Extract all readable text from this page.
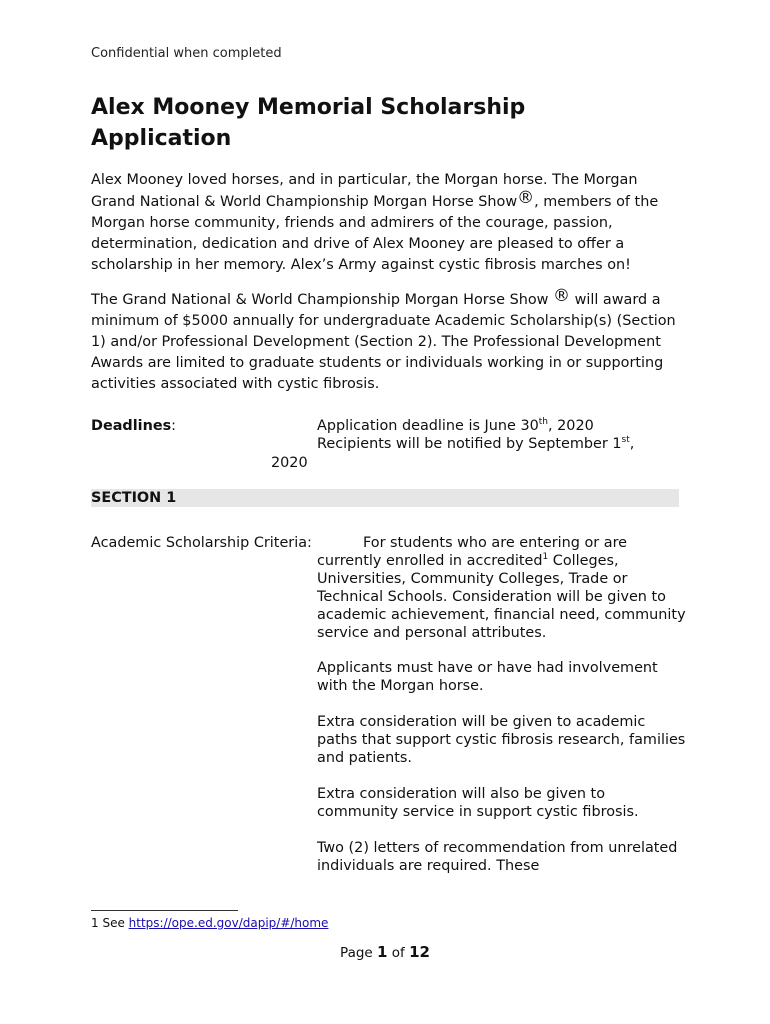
Confidential when completed
Alex Mooney Memorial Scholarship Application

Alex Mooney loved horses, and in particular, the Morgan horse. The Morgan Grand National & World Championship Morgan Horse Show®, members of the Morgan horse community, friends and admirers of the courage, passion, determination, dedication and drive of Alex Mooney are pleased to offer a scholarship in her memory. Alex’s Army against cystic fibrosis marches on!

The Grand National & World Championship Morgan Horse Show ® will award a minimum of $5000 annually for undergraduate Academic Scholarship(s) (Section 1) and/or Professional Development (Section 2). The Professional Development Awards are limited to graduate students or individuals working in or supporting activities associated with cystic fibrosis.

Deadlines:	Application deadline is June 30th, 2020
Recipients will be notified by September 1st,
2020
SECTION 1
Academic Scholarship Criteria:	For students who are entering or are currently enrolled in accredited$^1$ Colleges, Universities, Community Colleges, Trade or Technical Schools. Consideration will be given to academic achievement, financial need, community service and personal attributes.

Applicants must have or have had involvement with the Morgan horse.

Extra consideration will be given to academic paths that support cystic fibrosis research, families and patients.

Extra consideration will also be given to community service in support cystic fibrosis.

Two (2) letters of recommendation from unrelated individuals are required. These

1 See https://ope.ed.gov/dapip/#/home
Page 1 of 12
